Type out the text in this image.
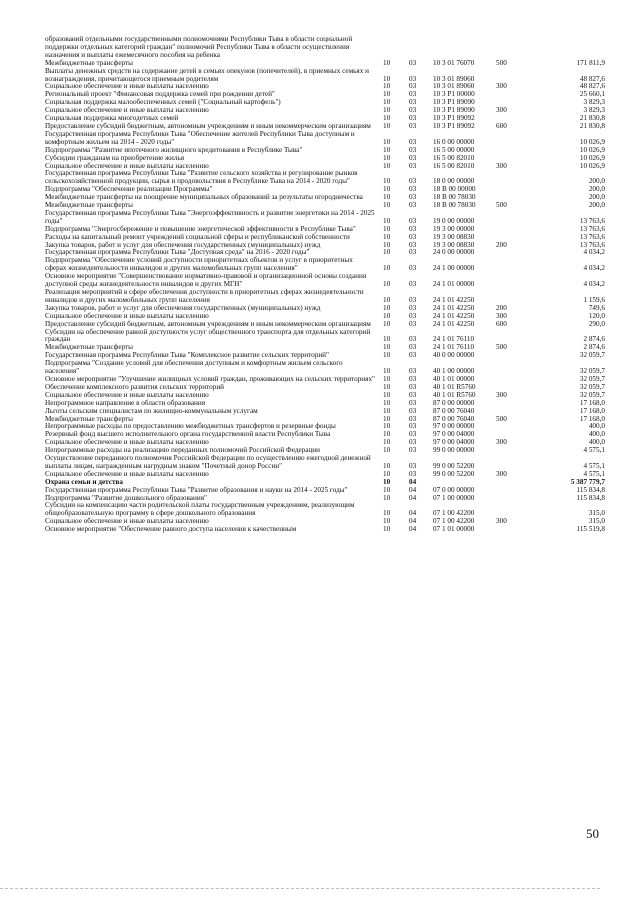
образований отдельными государственными полномочиями Республики Тыва в области социальной поддержки отдельных категорий граждан" полномочий Республики Тыва в области осуществления назначения и выплаты ежемесячного пособия на ребенка
Межбюджетные трансферты	10	03 10 3 01 76070	500	171 811,9
Выплаты денежных средств на содержание детей в семьях опекунов (попечителей), в приемных семьях и вознаграждения, причитающегося приемным родителям	10	03 10 3 01 89060	48 827,6
Социальное обеспечение и иные выплаты населению	10	03 10 3 01 89060	300	48 827,6
Региональный проект "Финансовая поддержка семей при рождении детей"	10	03 10 3 P1 00000	25 660,1
Социальная поддержка малообеспеченных семей ("Социальный картофель")	10	03 10 3 P1 89090	3 829,3
Социальное обеспечение и иные выплаты населению	10	03 10 3 P1 89090	300	3 829,3
Социальная поддержка многодетных семей	10	03 10 3 P1 89092	21 830,8
Предоставление субсидий бюджетным, автономным учреждениям и иным некоммерческим организациям	10	03 10 3 P1 89092	600	21 830,8
Государственная программа Республики Тыва "Обеспечение жителей Республики Тыва доступным и комфортным жильем на 2014 - 2020 годы"	10	03 16 0 00 00000	10 026,9
Подпрограмма "Развитие ипотечного жилищного кредитования в Республике Тыва"	10	03 16 5 00 00000	10 026,9
Субсидии гражданам на приобретение жилья	10	03 16 5 00 82010	10 026,9
Социальное обеспечение и иные выплаты населению	10	03 16 5 00 82010	300	10 026,9
Государственная программа Республики Тыва "Развитие сельского хозяйства и регулирование рынков сельскохозяйственной продукции, сырья и продовольствия в Республике Тыва на 2014 - 2020 годы"	10	03 18 0 00 00000	200,0
Подпрограмма "Обеспечение реализации Программы"	10	03 18 В 00 00000	200,0
Межбюджетные трансферты на поощрение муниципальных образований за результаты огородничества	10	03 18 В 00 78030	200,0
Межбюджетные трансферты	10	03 18 В 00 78030	500	200,0
Государственная программа Республики Тыва "Энергоэффективность и развитие энергетики на 2014 - 2025 годы"	10	03 19 0 00 00000	13 763,6
Подпрограмма "Энергосбережение и повышение энергетической эффективности в Республике Тыва"	10	03 19 3 00 00000	13 763,6
Расходы на капитальный ремонт учреждений социальной сферы и республиканской собственности	10	03 19 3 00 08830	13 763,6
Закупка товаров, работ и услуг для обеспечения государственных (муниципальных) нужд	10	03 19 3 00 08830	200	13 763,6
Государственная программа Республики Тыва "Доступная среда" на 2016 - 2020 годы"	10	03 24 0 00 00000	4 034,2
Подпрограмма "Обеспечение условий доступности приоритетных объектов и услуг в приоритетных сферах жизнедеятельности инвалидов и других маломобильных групп населения"	10	03 24 1 00 00000	4 034,2
Основное мероприятие "Совершенствование нормативно-правовой и организационной основы создания доступной среды жизнедеятельности инвалидов и других МГН"	10	03 24 1 01 00000	4 034,2
Реализация мероприятий в сфере обеспечения доступности в приоритетных сферах жизнедеятельности инвалидов и других маломобильных групп населения	10	03 24 1 01 42250	1 159,6
Закупка товаров, работ и услуг для обеспечения государственных (муниципальных) нужд	10	03 24 1 01 42250	200	749,6
Социальное обеспечение и иные выплаты населению	10	03 24 1 01 42250	300	120,0
Предоставление субсидий бюджетным, автономным учреждениям и иным некоммерческим организациям	10	03 24 1 01 42250	600	290,0
Субсидии на обеспечение равной доступности услуг общественного транспорта для отдельных категорий граждан	10	03 24 1 01 76110	2 874,6
Межбюджетные трансферты	10	03 24 1 01 76110	500	2 874,6
Государственная программа Республики Тыва "Комплексное развитие сельских территорий"	10	03 40 0 00 00000	32 059,7
Подпрограмма "Создание условий для обеспечения доступным и комфортным жильем сельского населения"	10	03 40 1 00 00000	32 059,7
Основное мероприятие "Улучшение жилищных условий граждан, проживающих на сельских территориях" 10	03 40 1 01 00000	32 059,7
Обеспечение комплексного развития сельских территорий	10	03 40 1 01 R5760	32 059,7
Социальное обеспечение и иные выплаты населению	10	03 40 1 01 R5760	300	32 059,7
Непрограммное направление в области образования	10	03 87 0 00 00000	17 168,0
Льготы сельским специалистам по жилищно-коммунальным услугам	10	03 87 0 00 76040	17 168,0
Межбюджетные трансферты	10	03 87 0 00 76040	500	17 168,0
Непрограммные расходы по предоставлению межбюджетных трансфертов и резервные фонды	10	03 97 0 00 00000	400,0
Резервный фонд высшего исполнительного органа государственной власти Республики Тыва	10	03 97 0 00 04000	400,0
Социальное обеспечение и иные выплаты населению	10	03 97 0 00 04000	300	400,0
Непрограммные расходы на реализацию переданных полномочий Российской Федерации	10	03 99 0 00 00000	4 575,1
Осуществление переданного полномочия Российской Федерации по осуществлению ежегодной денежной выплаты лицам, награжденным нагрудным знаком "Почетный донор России"	10	03 99 0 00 52200	4 575,1
Социальное обеспечение и иные выплаты населению	10	03 99 0 00 52200	300	4 575,1
Охрана семьи и детства	10	04	5 387 779,7
Государственная программа Республики Тыва "Развитие образования и науки на 2014 - 2025 годы"	10	04 07 0 00 00000	115 834,8
Подпрограмма "Развитие дошкольного образования"	10	04 07 1 00 00000	115 834,8
Субсидии на компенсацию части родительской платы государственным учреждениям, реализующим общеобразовательную программу в сфере дошкольного образования	10	04 07 1 00 42200	315,0
Социальное обеспечение и иные выплаты населению	10	04 07 1 00 42200	300	315,0
Основное мероприятие "Обеспечение равного доступа населения к качественным	10	04 07 1 01 00000	115 519,8
50
